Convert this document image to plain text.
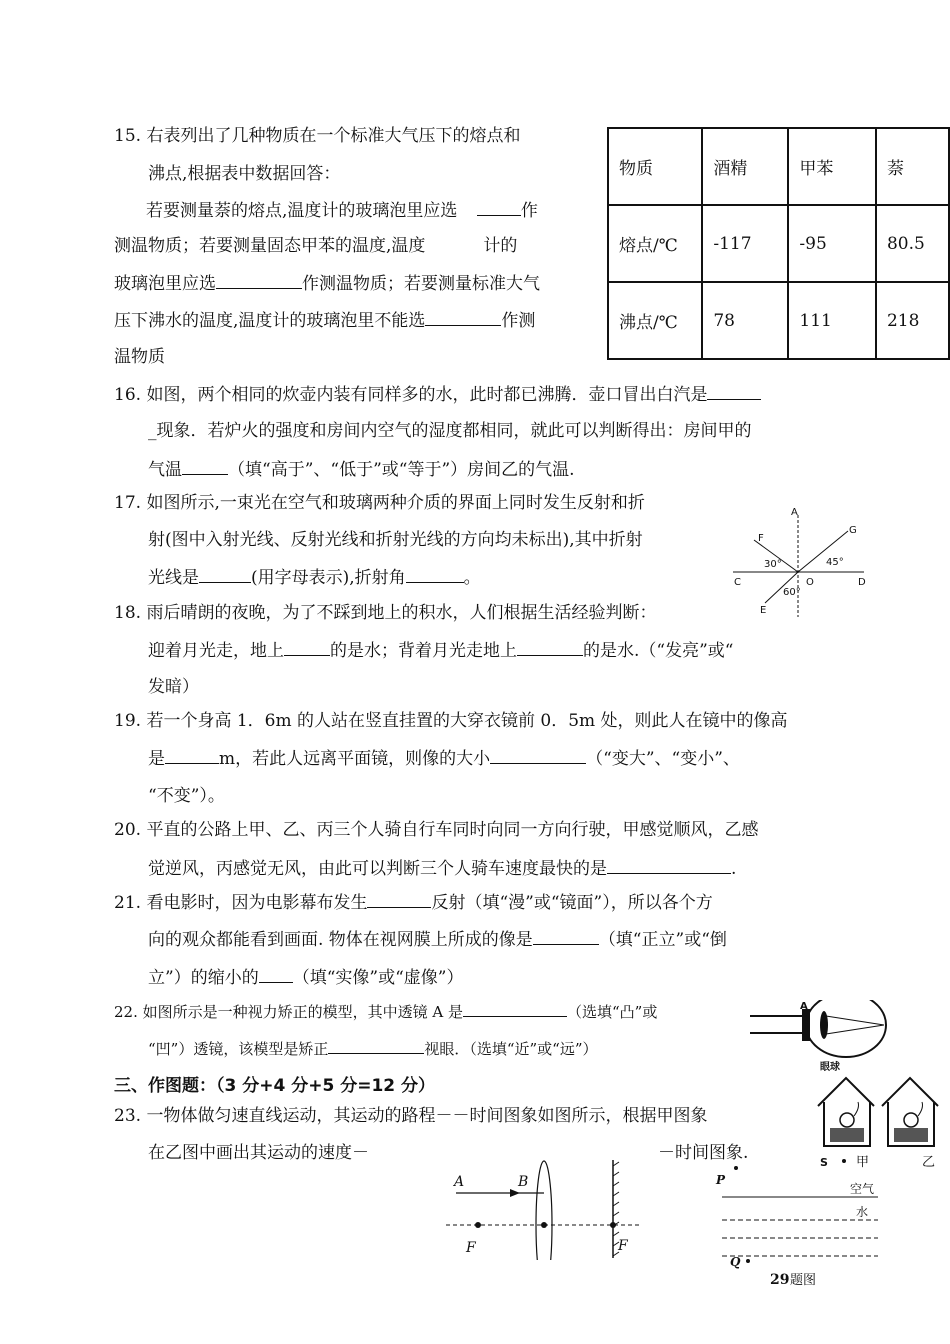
15. 右表列出了几种物质在一个标准大气压下的熔点和
沸点,根据表中数据回答：
若要测量萘的熔点,温度计的玻璃泡里应选	作
测温物质；若要测量固态甲苯的温度,温度	计的
玻璃泡里应选	作测温物质；若要测量标准大气
压下沸水的温度,温度计的玻璃泡里不能选	作测
温物质
物质	酒精	甲苯	萘
熔点/℃	-117	-95	80.5
沸点/℃	78	111	218
16. 如图，两个相同的炊壶内装有同样多的水，此时都已沸腾．壶口冒出白汽是
_现象．若炉火的强度和房间内空气的湿度都相同，就此可以判断得出：房间甲的
气温	（填“高于”、“低于”或“等于”）房间乙的气温.
17. 如图所示,一束光在空气和玻璃两种介质的界面上同时发生反射和折
射(图中入射光线、反射光线和折射光线的方向均未标出),其中折射
光线是	(用字母表示),折射角	。
A
F
G
C	O	D
E
30°	45°
60°
18. 雨后晴朗的夜晚，为了不踩到地上的积水，人们根据生活经验判断：
迎着月光走，地上	的是水；背着月光走地上	的是水.（“发亮”或“
发暗）
19. 若一个身高 1．6m 的人站在竖直挂置的大穿衣镜前 0．5m 处，则此人在镜中的像高
是	m，若此人远离平面镜，则像的大小	（“变大”、“变小”、
“不变”）。
20. 平直的公路上甲、乙、丙三个人骑自行车同时向同一方向行驶，甲感觉顺风，乙感
觉逆风，丙感觉无风，由此可以判断三个人骑车速度最快的是	.
21. 看电影时，因为电影幕布发生	反射（填“漫”或“镜面”），所以各个方
向的观众都能看到画面. 物体在视网膜上所成的像是	（填“正立”或“倒
立”）的缩小的 （填“实像”或“虚像”）
22. 如图所示是一种视力矫正的模型，其中透镜 A 是	（选填“凸”或
“凹”）透镜，该模型是矫正	视眼．（选填“近”或“远”）
A
眼球
三、作图题：（3 分+4 分+5 分=12 分）
23. 一物体做匀速直线运动，其运动的路程－－时间图象如图所示，根据甲图象
在乙图中画出其运动的速度－	－时间图象.	S 甲	乙
A	B
F	F
P
空气
水
Q
29 题图
